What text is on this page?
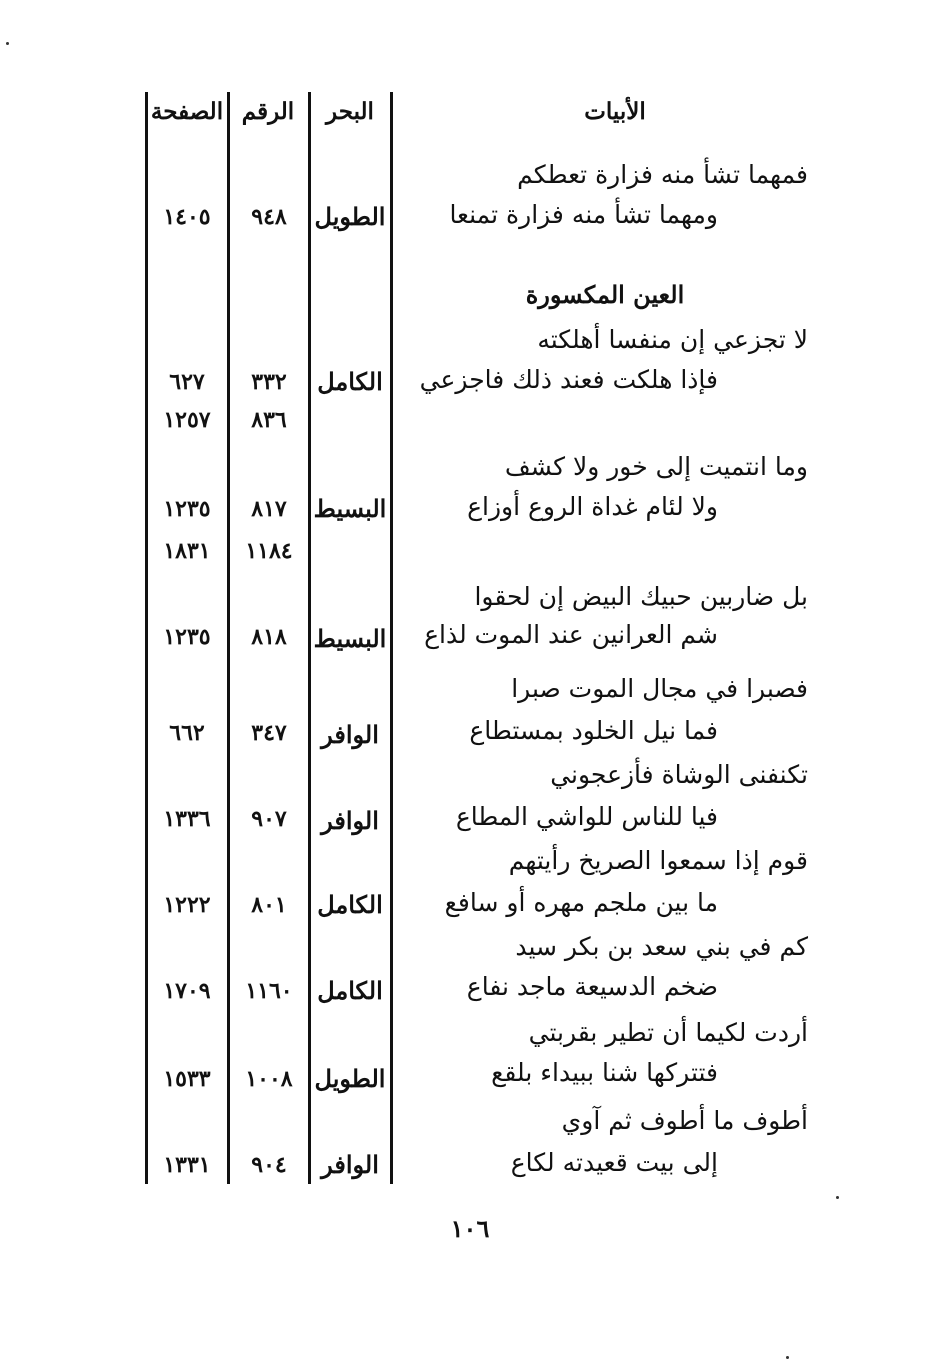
الأبيات
البحر
الرقم
الصفحة
فمهما تشأ منه فزارة تعطكم
ومهما تشأ منه فزارة تمنعا
الطويل
٩٤٨
١٤٠٥
العين المكسورة
لا تجزعي إن منفسا أهلكته
فإذا هلكت فعند ذلك فاجزعي
الكامل
٣٣٢
٦٢٧
٨٣٦
١٢٥٧
وما انتميت إلى خور ولا كشف
ولا لئام غداة الروع أوزاع
البسيط
٨١٧
١٢٣٥
١١٨٤
١٨٣١
بل ضاربين حبيك البيض إن لحقوا
شم العرانين عند الموت لذاع
البسيط
٨١٨
١٢٣٥
فصبرا في مجال الموت صبرا
فما نيل الخلود بمستطاع
الوافر
٣٤٧
٦٦٢
تكنفنى الوشاة فأزعجوني
فيا للناس للواشي المطاع
الوافر
٩٠٧
١٣٣٦
قوم إذا سمعوا الصريخ رأيتهم
ما بين ملجم مهره أو سافع
الكامل
٨٠١
١٢٢٢
كم في بني سعد بن بكر سيد
ضخم الدسيعة ماجد نفاع
الكامل
١١٦٠
١٧٠٩
أردت لكيما أن تطير بقربتي
فتتركها شنا ببيداء بلقع
الطويل
١٠٠٨
١٥٣٣
أطوف ما أطوف ثم آوي
إلى بيت قعيدته لكاع
الوافر
٩٠٤
١٣٣١
١٠٦
